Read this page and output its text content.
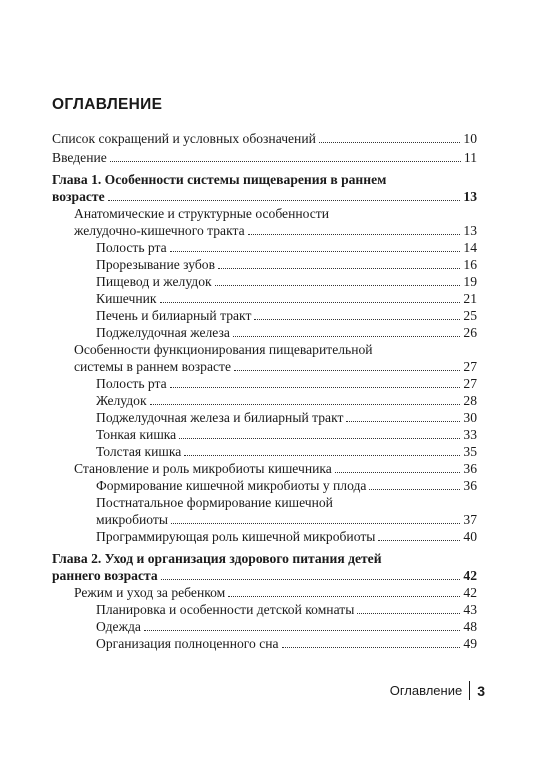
ОГЛАВЛЕНИЕ
Список сокращений и условных обозначений	10
Введение	11
Глава 1. Особенности системы пищеварения в раннем
возрасте	13
Анатомические и структурные особенности
желудочно-кишечного тракта	13
Полость рта	14
Прорезывание зубов	16
Пищевод и желудок	19
Кишечник	21
Печень и билиарный тракт	25
Поджелудочная железа	26
Особенности функционирования пищеварительной
системы в раннем возрасте	27
Полость рта	27
Желудок	28
Поджелудочная железа и билиарный тракт	30
Тонкая кишка	33
Толстая кишка	35
Становление и роль микробиоты кишечника	36
Формирование кишечной микробиоты у плода	36
Постнатальное формирование кишечной
микробиоты	37
Программирующая роль кишечной микробиоты	40
Глава 2. Уход и организация здорового питания детей
раннего возраста	42
Режим и уход за ребенком	42
Планировка и особенности детской комнаты	43
Одежда	48
Организация полноценного сна	49
Оглавление 3
